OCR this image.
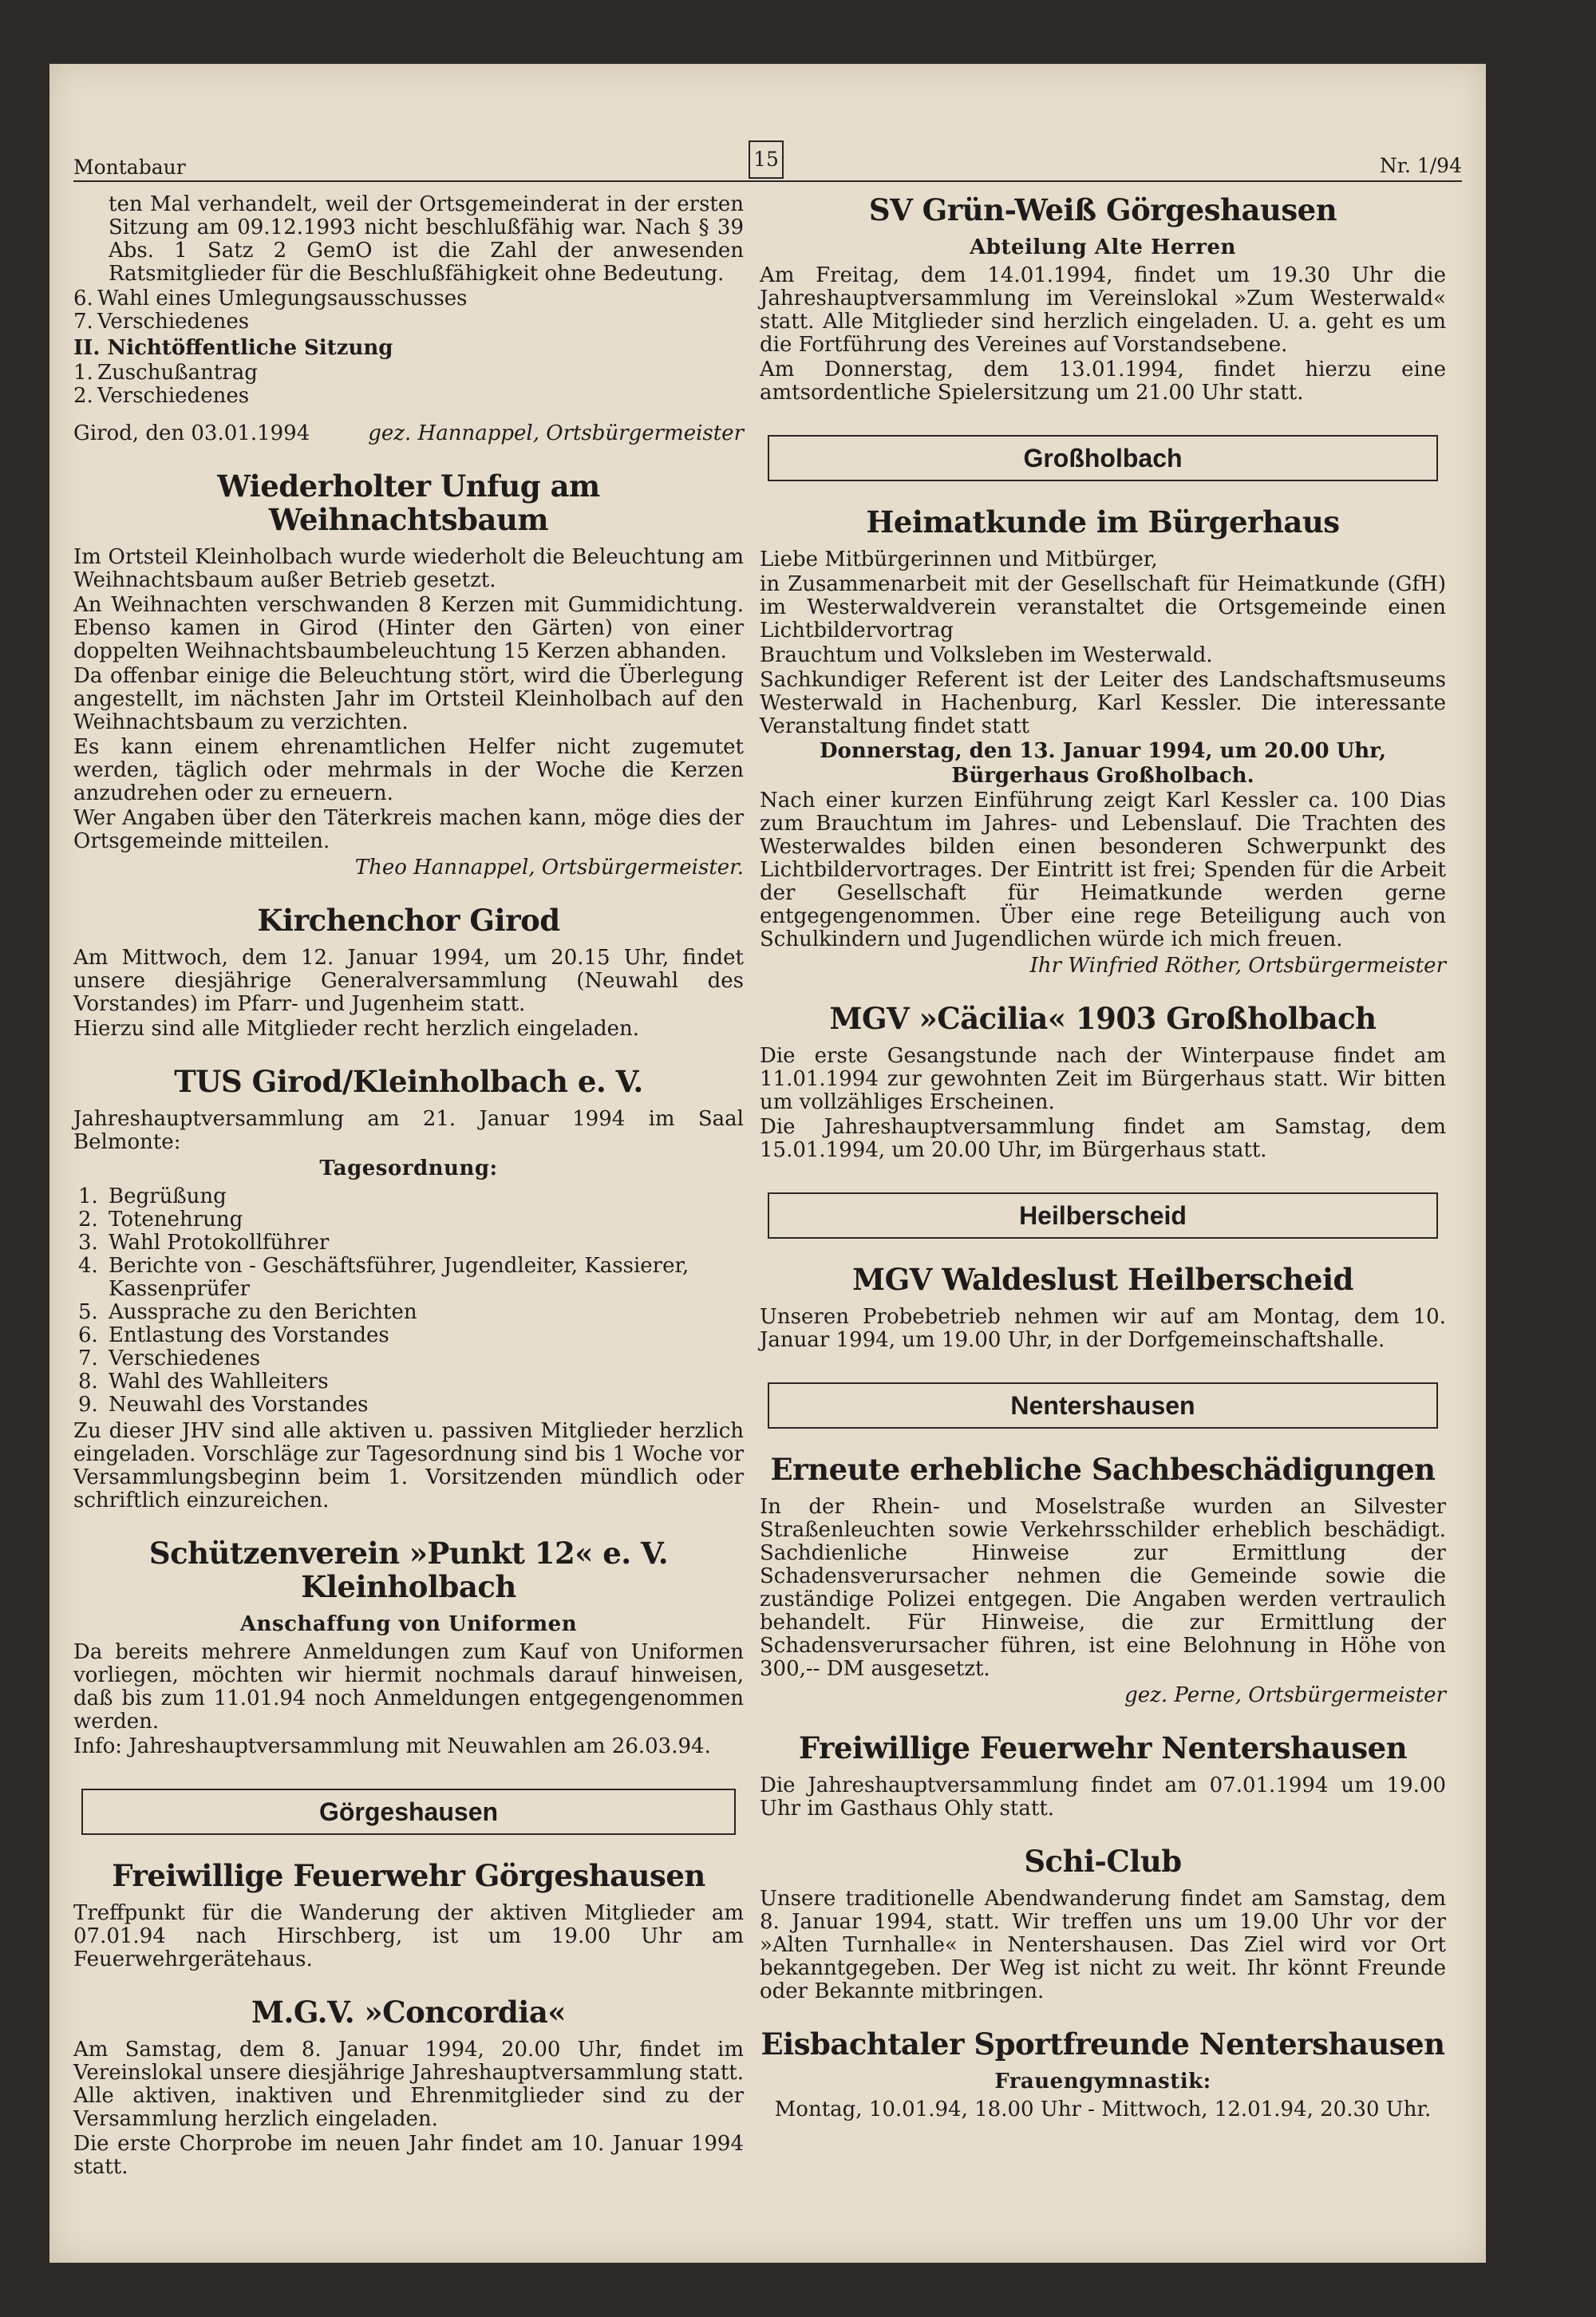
Montabaur	15	Nr. 1/94

ten Mal verhandelt, weil der Ortsgemeinderat in der ersten Sitzung am 09.12.1993 nicht beschlußfähig war. Nach § 39 Abs. 1 Satz 2 GemO ist die Zahl der anwesenden Ratsmitglieder für die Beschlußfähigkeit ohne Bedeutung.

6. Wahl eines Umlegungsausschusses
7. Verschiedenes

II. Nichtöffentliche Sitzung

1. Zuschußantrag
2. Verschiedenes
Girod, den 03.01.1994	gez. Hannappel, Ortsbürgermeister
Wiederholter Unfug am Weihnachtsbaum

Im Ortsteil Kleinholbach wurde wiederholt die Beleuchtung am Weihnachtsbaum außer Betrieb gesetzt.

An Weihnachten verschwanden 8 Kerzen mit Gummidichtung. Ebenso kamen in Girod (Hinter den Gärten) von einer doppelten Weihnachtsbaumbeleuchtung 15 Kerzen abhanden.

Da offenbar einige die Beleuchtung stört, wird die Überlegung angestellt, im nächsten Jahr im Ortsteil Kleinholbach auf den Weihnachtsbaum zu verzichten.

Es kann einem ehrenamtlichen Helfer nicht zugemutet werden, täglich oder mehrmals in der Woche die Kerzen anzudrehen oder zu erneuern.

Wer Angaben über den Täterkreis machen kann, möge dies der Ortsgemeinde mitteilen.

Theo Hannappel, Ortsbürgermeister.

Kirchenchor Girod

Am Mittwoch, dem 12. Januar 1994, um 20.15 Uhr, findet unsere diesjährige Generalversammlung (Neuwahl des Vorstandes) im Pfarr- und Jugenheim statt.

Hierzu sind alle Mitglieder recht herzlich eingeladen.

TUS Girod/Kleinholbach e. V.

Jahreshauptversammlung am 21. Januar 1994 im Saal Belmonte:

Tagesordnung:
1. Begrüßung
2. Totenehrung
3. Wahl Protokollführer
4. Berichte von - Geschäftsführer, Jugendleiter, Kassierer, Kassenprüfer
5. Aussprache zu den Berichten
6. Entlastung des Vorstandes
7. Verschiedenes
8. Wahl des Wahlleiters
9. Neuwahl des Vorstandes

Zu dieser JHV sind alle aktiven u. passiven Mitglieder herzlich eingeladen. Vorschläge zur Tagesordnung sind bis 1 Woche vor Versammlungsbeginn beim 1. Vorsitzenden mündlich oder schriftlich einzureichen.

Schützenverein »Punkt 12« e. V. Kleinholbach
Anschaffung von Uniformen

Da bereits mehrere Anmeldungen zum Kauf von Uniformen vorliegen, möchten wir hiermit nochmals darauf hinweisen, daß bis zum 11.01.94 noch Anmeldungen entgegengenommen werden.

Info: Jahreshauptversammlung mit Neuwahlen am 26.03.94.

Görgeshausen
Freiwillige Feuerwehr Görgeshausen

Treffpunkt für die Wanderung der aktiven Mitglieder am 07.01.94 nach Hirschberg, ist um 19.00 Uhr am Feuerwehrgerätehaus.

M.G.V. »Concordia«

Am Samstag, dem 8. Januar 1994, 20.00 Uhr, findet im Vereinslokal unsere diesjährige Jahreshauptversammlung statt. Alle aktiven, inaktiven und Ehrenmitglieder sind zu der Versammlung herzlich eingeladen.

Die erste Chorprobe im neuen Jahr findet am 10. Januar 1994 statt.

SV Grün-Weiß Görgeshausen
Abteilung Alte Herren

Am Freitag, dem 14.01.1994, findet um 19.30 Uhr die Jahreshauptversammlung im Vereinslokal »Zum Westerwald« statt. Alle Mitglieder sind herzlich eingeladen. U. a. geht es um die Fortführung des Vereines auf Vorstandsebene.

Am Donnerstag, dem 13.01.1994, findet hierzu eine amtsordentliche Spielersitzung um 21.00 Uhr statt.

Großholbach
Heimatkunde im Bürgerhaus

Liebe Mitbürgerinnen und Mitbürger,

in Zusammenarbeit mit der Gesellschaft für Heimatkunde (GfH) im Westerwaldverein veranstaltet die Ortsgemeinde einen Lichtbildervortrag

Brauchtum und Volksleben im Westerwald.

Sachkundiger Referent ist der Leiter des Landschaftsmuseums Westerwald in Hachenburg, Karl Kessler. Die interessante Veranstaltung findet statt

Donnerstag, den 13. Januar 1994, um 20.00 Uhr,

Bürgerhaus Großholbach.

Nach einer kurzen Einführung zeigt Karl Kessler ca. 100 Dias zum Brauchtum im Jahres- und Lebenslauf. Die Trachten des Westerwaldes bilden einen besonderen Schwerpunkt des Lichtbildervortrages. Der Eintritt ist frei; Spenden für die Arbeit der Gesellschaft für Heimatkunde werden gerne entgegengenommen. Über eine rege Beteiligung auch von Schulkindern und Jugendlichen würde ich mich freuen.

Ihr Winfried Röther, Ortsbürgermeister

MGV »Cäcilia« 1903 Großholbach

Die erste Gesangstunde nach der Winterpause findet am 11.01.1994 zur gewohnten Zeit im Bürgerhaus statt. Wir bitten um vollzähliges Erscheinen.

Die Jahreshauptversammlung findet am Samstag, dem 15.01.1994, um 20.00 Uhr, im Bürgerhaus statt.

Heilberscheid
MGV Waldeslust Heilberscheid

Unseren Probebetrieb nehmen wir auf am Montag, dem 10. Januar 1994, um 19.00 Uhr, in der Dorfgemeinschaftshalle.

Nentershausen
Erneute erhebliche Sachbeschädigungen

In der Rhein- und Moselstraße wurden an Silvester Straßenleuchten sowie Verkehrsschilder erheblich beschädigt. Sachdienliche Hinweise zur Ermittlung der Schadensverursacher nehmen die Gemeinde sowie die zuständige Polizei entgegen. Die Angaben werden vertraulich behandelt. Für Hinweise, die zur Ermittlung der Schadensverursacher führen, ist eine Belohnung in Höhe von 300,-- DM ausgesetzt.

gez. Perne, Ortsbürgermeister

Freiwillige Feuerwehr Nentershausen

Die Jahreshauptversammlung findet am 07.01.1994 um 19.00 Uhr im Gasthaus Ohly statt.

Schi-Club

Unsere traditionelle Abendwanderung findet am Samstag, dem 8. Januar 1994, statt. Wir treffen uns um 19.00 Uhr vor der »Alten Turnhalle« in Nentershausen. Das Ziel wird vor Ort bekanntgegeben. Der Weg ist nicht zu weit. Ihr könnt Freunde oder Bekannte mitbringen.

Eisbachtaler Sportfreunde Nentershausen
Frauengymnastik:

Montag, 10.01.94, 18.00 Uhr - Mittwoch, 12.01.94, 20.30 Uhr.
